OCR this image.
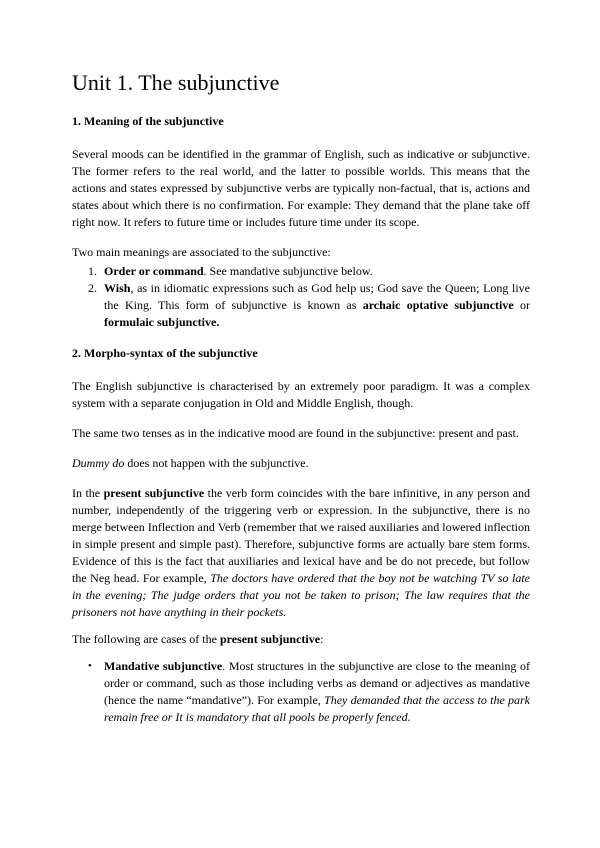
Unit 1. The subjunctive
1. Meaning of the subjunctive

Several moods can be identified in the grammar of English, such as indicative or subjunctive. The former refers to the real world, and the latter to possible worlds. This means that the actions and states expressed by subjunctive verbs are typically non-factual, that is, actions and states about which there is no confirmation. For example: They demand that the plane take off right now. It refers to future time or includes future time under its scope.

Two main meanings are associated to the subjunctive:

1. Order or command. See mandative subjunctive below.
2. Wish, as in idiomatic expressions such as God help us; God save the Queen; Long live the King. This form of subjunctive is known as archaic optative subjunctive or formulaic subjunctive.
2. Morpho-syntax of the subjunctive

The English subjunctive is characterised by an extremely poor paradigm. It was a complex system with a separate conjugation in Old and Middle English, though.

The same two tenses as in the indicative mood are found in the subjunctive: present and past.

Dummy do does not happen with the subjunctive.

In the present subjunctive the verb form coincides with the bare infinitive, in any person and number, independently of the triggering verb or expression. In the subjunctive, there is no merge between Inflection and Verb (remember that we raised auxiliaries and lowered inflection in simple present and simple past). Therefore, subjunctive forms are actually bare stem forms. Evidence of this is the fact that auxiliaries and lexical have and be do not precede, but follow the Neg head. For example, The doctors have ordered that the boy not be watching TV so late in the evening; The judge orders that you not be taken to prison; The law requires that the prisoners not have anything in their pockets.

The following are cases of the present subjunctive:

•	Mandative subjunctive. Most structures in the subjunctive are close to the meaning of order or command, such as those including verbs as demand or adjectives as mandative (hence the name “mandative”). For example, They demanded that the access to the park remain free or It is mandatory that all pools be properly fenced.
